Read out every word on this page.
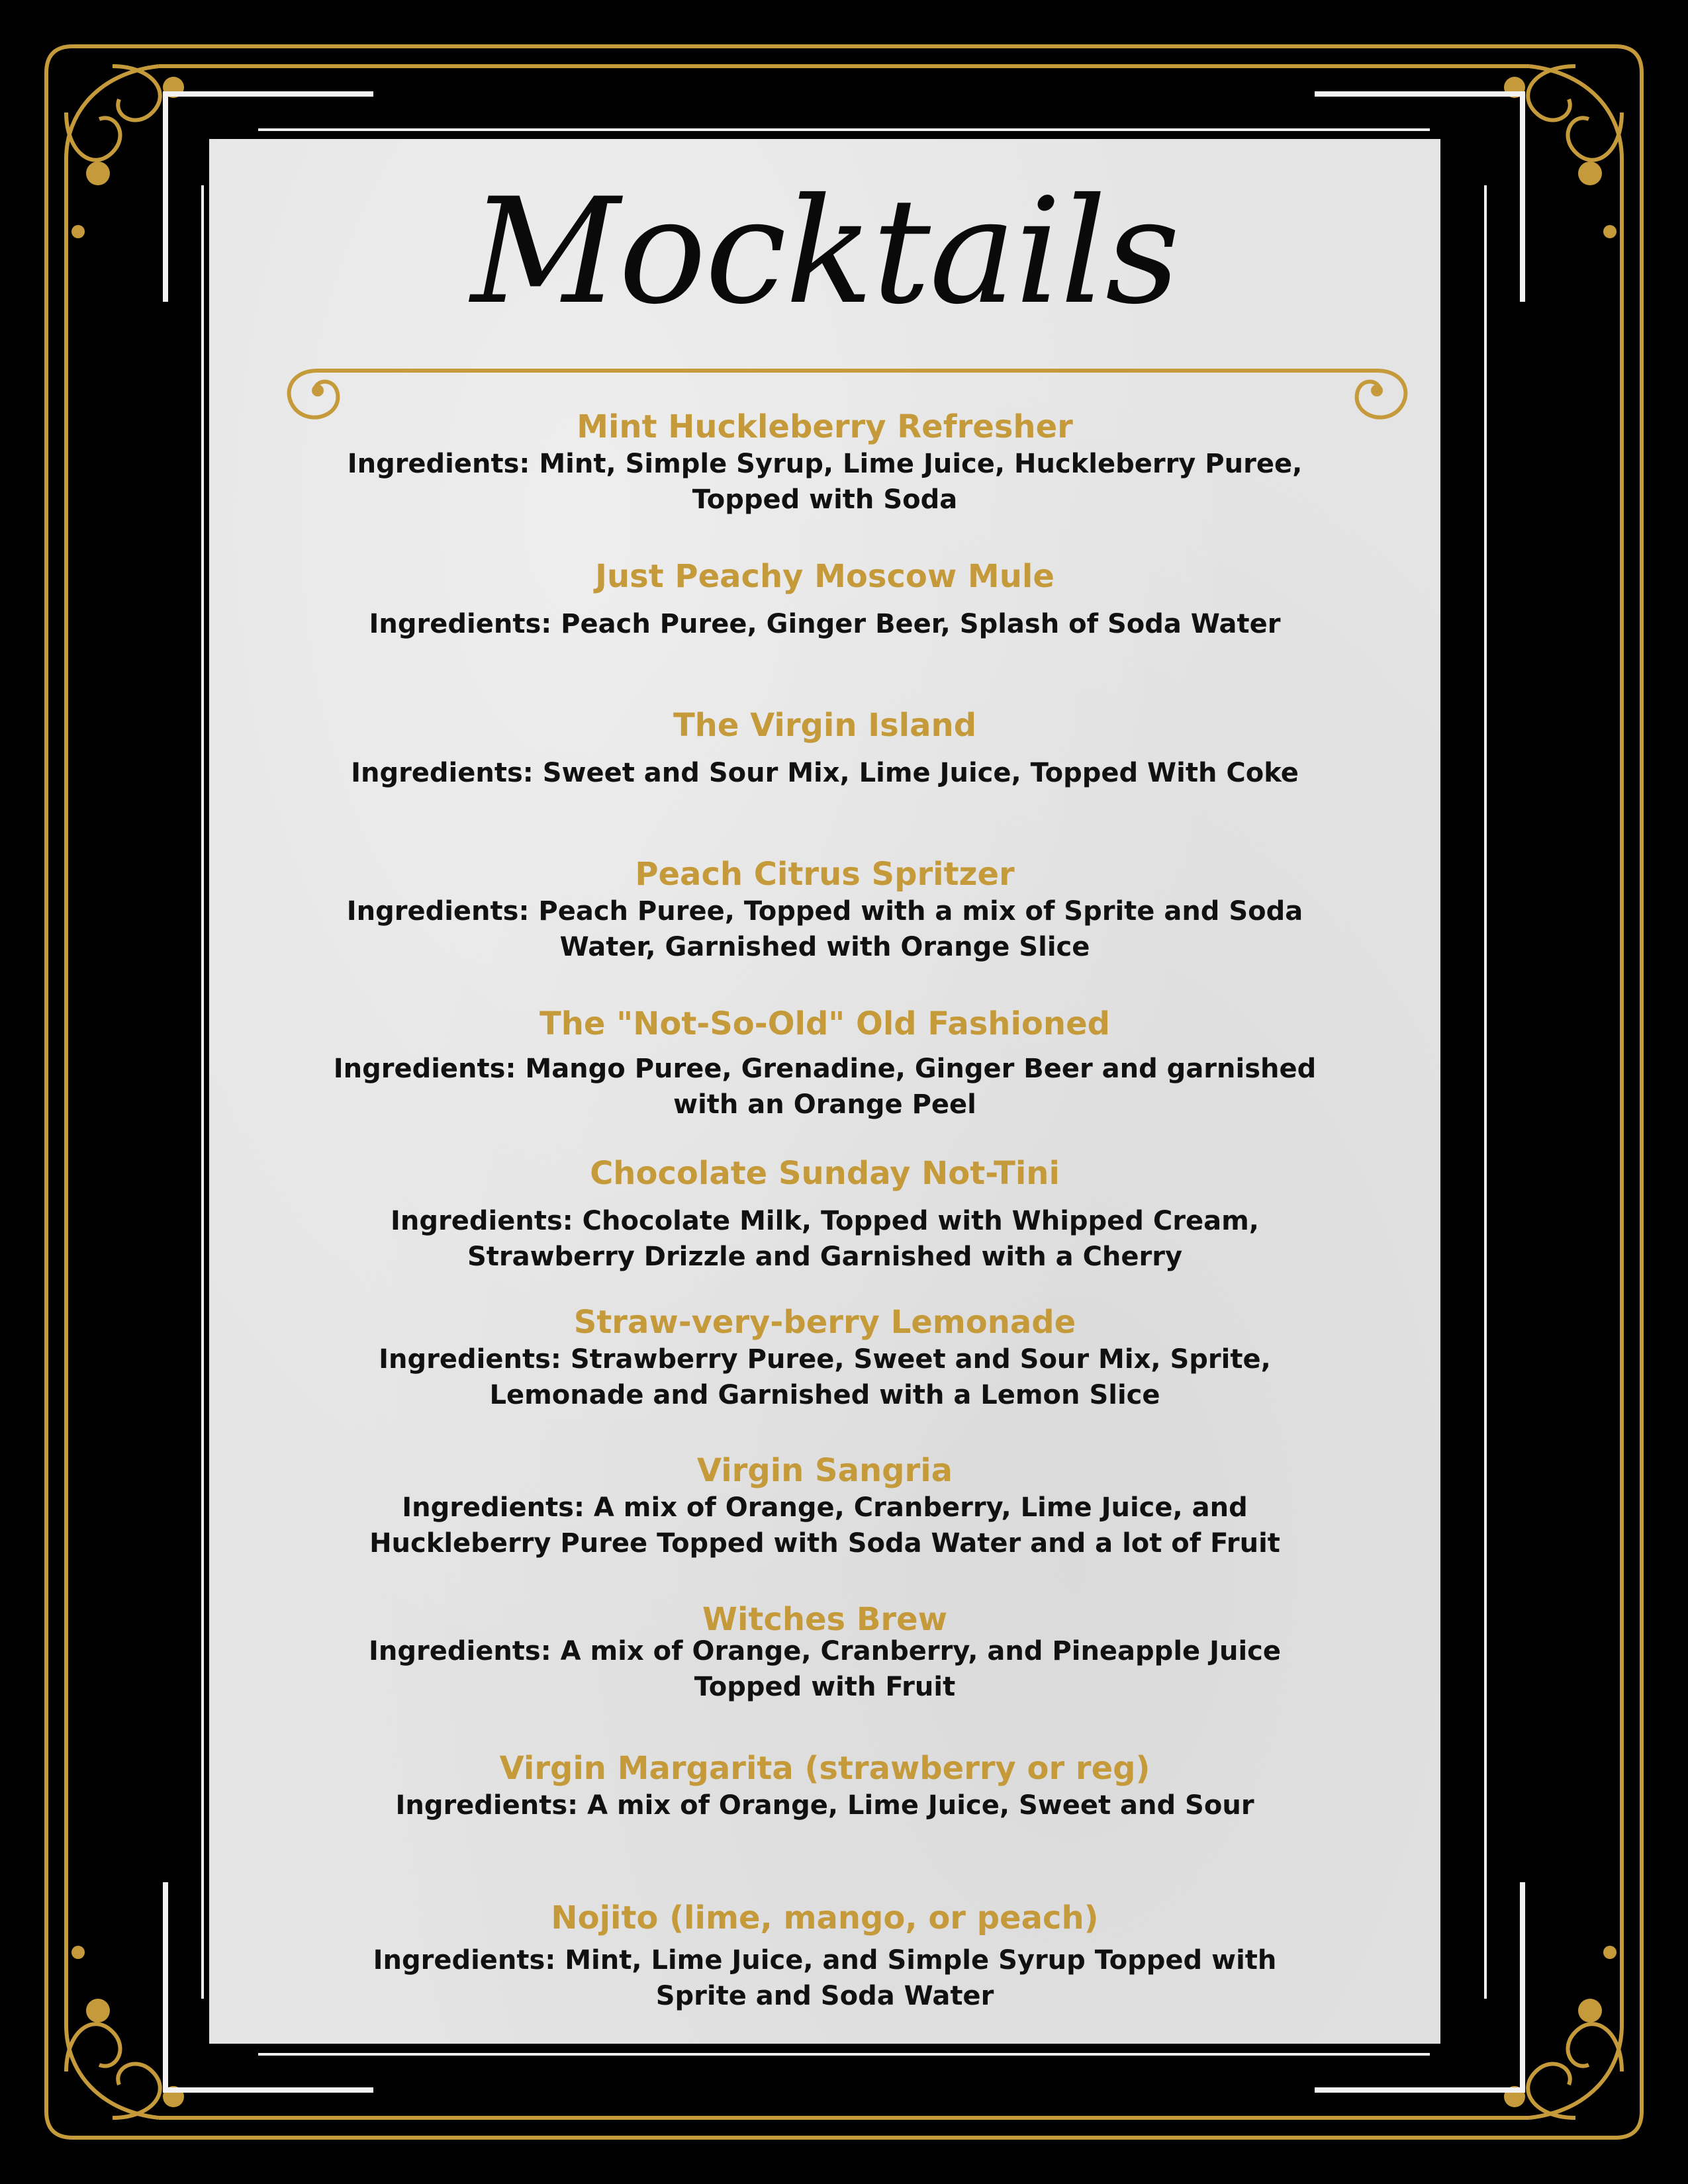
Mocktails
Mint Huckleberry Refresher
Ingredients: Mint, Simple Syrup, Lime Juice, Huckleberry Puree, Topped with Soda
Just Peachy Moscow Mule
Ingredients: Peach Puree, Ginger Beer, Splash of Soda Water
The Virgin Island
Ingredients: Sweet and Sour Mix, Lime Juice, Topped With Coke
Peach Citrus Spritzer
Ingredients: Peach Puree, Topped with a mix of Sprite and Soda Water, Garnished with Orange Slice
The "Not-So-Old" Old Fashioned
Ingredients: Mango Puree, Grenadine, Ginger Beer and garnished with an Orange Peel
Chocolate Sunday Not-Tini
Ingredients: Chocolate Milk, Topped with Whipped Cream, Strawberry Drizzle and Garnished with a Cherry
Straw-very-berry Lemonade
Ingredients: Strawberry Puree, Sweet and Sour Mix, Sprite, Lemonade and Garnished with a Lemon Slice
Virgin Sangria
Ingredients: A mix of Orange, Cranberry, Lime Juice, and Huckleberry Puree Topped with Soda Water and a lot of Fruit
Witches Brew
Ingredients: A mix of Orange, Cranberry, and Pineapple Juice Topped with Fruit
Virgin Margarita (strawberry or reg)
Ingredients: A mix of Orange, Lime Juice, Sweet and Sour
Nojito (lime, mango, or peach)
Ingredients: Mint, Lime Juice, and Simple Syrup Topped with Sprite and Soda Water
